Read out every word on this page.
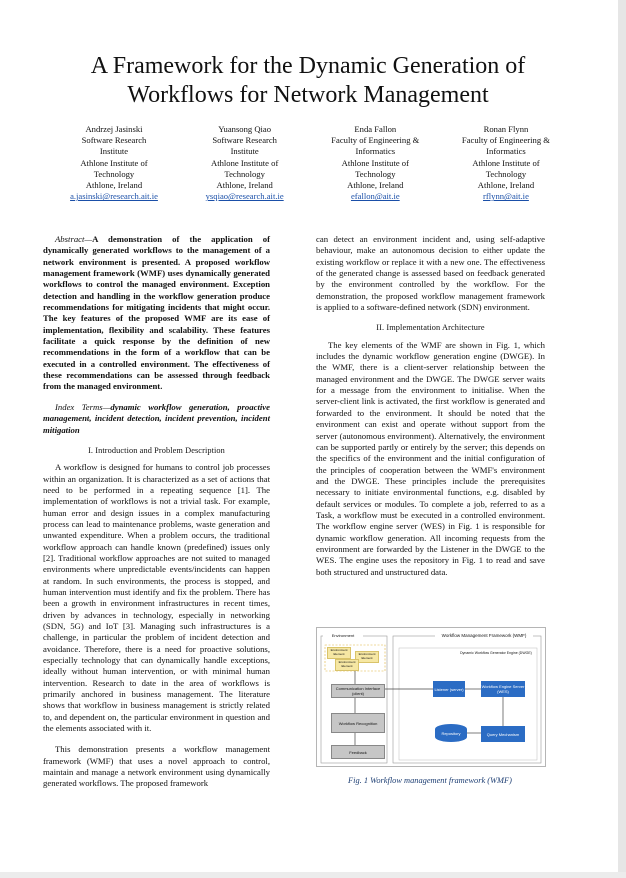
A Framework for the Dynamic Generation of Workflows for Network Management
Andrzej Jasinski
Software Research
Institute
Athlone Institute of
Technology
Athlone, Ireland
a.jasinski@research.ait.ie
Yuansong Qiao
Software Research
Institute
Athlone Institute of
Technology
Athlone, Ireland
ysqiao@research.ait.ie
Enda Fallon
Faculty of Engineering &
Informatics
Athlone Institute of
Technology
Athlone, Ireland
efallon@ait.ie
Ronan Flynn
Faculty of Engineering &
Informatics
Athlone Institute of
Technology
Athlone, Ireland
rflynn@ait.ie

Abstract—A demonstration of the application of dynamically generated workflows to the management of a network environment is presented. A proposed workflow management framework (WMF) uses dynamically generated workflows to control the managed environment. Exception detection and handling in the workflow generation produce recommendations for mitigating incidents that might occur. The key features of the proposed WMF are its ease of implementation, flexibility and scalability. These features facilitate a quick response by the definition of new recommendations in the form of a workflow that can be executed in a controlled environment. The effectiveness of these recommendations can be assessed through feedback from the managed environment.

Index Terms—dynamic workflow generation, proactive management, incident detection, incident prevention, incident mitigation

I. Introduction and Problem Description

A workflow is designed for humans to control job processes within an organization. It is characterized as a set of actions that need to be performed in a repeating sequence [1]. The implementation of workflows is not a trivial task. For example, human error and design issues in a complex manufacturing process can lead to maintenance problems, waste generation and unwanted expenditure. When a problem occurs, the traditional workflow approach can handle known (predefined) issues only [2]. Traditional workflow approaches are not suited to managed environments where unpredictable events/incidents can happen at random. In such environments, the process is stopped, and human intervention must identify and fix the problem. There has been a growth in environment infrastructures in recent times, driven by advances in technology, especially in networking (SDN, 5G) and IoT [3]. Managing such infrastructures is a challenge, in particular the problem of incident detection and avoidance. Therefore, there is a need for proactive solutions, especially technology that can dynamically handle exceptions, ideally without human intervention, or with minimal human intervention. Research to date in the area of workflows is primarily anchored in business management. The literature shows that workflow in business management is strictly related to, and dependent on, the particular environment in question and the elements associated with it.

This demonstration presents a workflow management framework (WMF) that uses a novel approach to control, maintain and manage a network environment using dynamically generated workflows. The proposed framework

can detect an environment incident and, using self-adaptive behaviour, make an autonomous decision to either update the existing workflow or replace it with a new one. The effectiveness of the generated change is assessed based on feedback generated by the environment controlled by the workflow. For the demonstration, the proposed workflow management framework is applied to a software-defined network (SDN) environment.

II. Implementation Architecture

The key elements of the WMF are shown in Fig. 1, which includes the dynamic workflow generation engine (DWGE). In the WMF, there is a client-server relationship between the managed environment and the DWGE. The DWGE server waits for a message from the environment to initialise. When the server-client link is activated, the first workflow is generated and forwarded to the environment. It should be noted that the environment can exist and operate without support from the server (autonomous environment). Alternatively, the environment can be supported partly or entirely by the server; this depends on the specifics of the environment and the initial configuration of the principles of cooperation between the WMF's environment and the DWGE. These principles include the prerequisites necessary to initiate environmental functions, e.g. disabled by default services or modules. To complete a job, referred to as a Task, a workflow must be executed in a controlled environment. The workflow engine server (WES) in Fig. 1 is responsible for dynamic workflow generation. All incoming requests from the environment are forwarded by the Listener in the DWGE to the WES. The engine uses the repository in Fig. 1 to read and save both structured and unstructured data.

Environment	Workflow Management Framework (WMF)
Dynamic Workflow Generator Engine (DWGE)
Environment Element	Environment Element
Environment Element
Communication Interface (client)
Workflow Recognition
Feedback
Listener (server)	Workflow Engine Server (WES)
Repository	Query Mechanism
Fig. 1 Workflow management framework (WMF)
